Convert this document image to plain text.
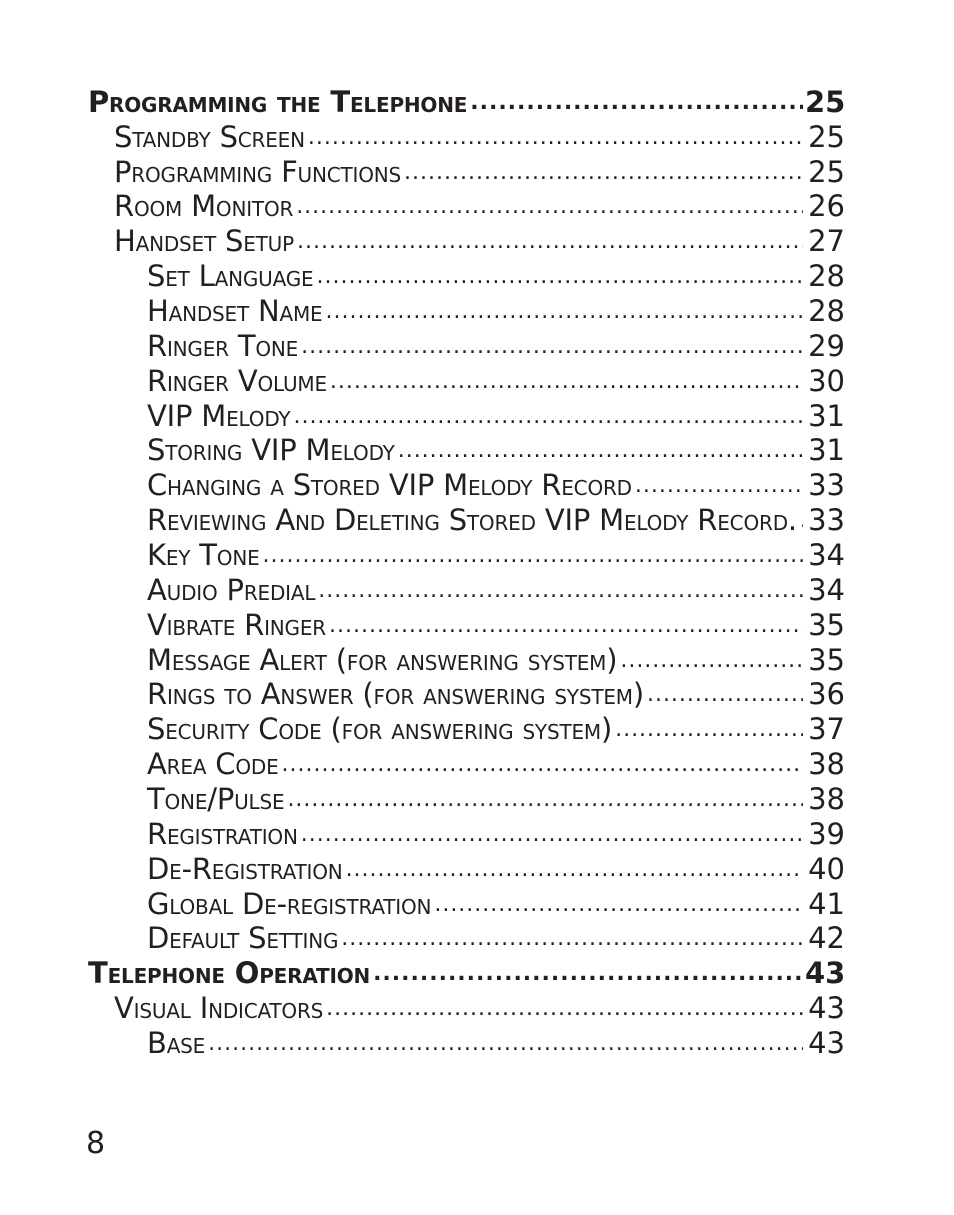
Programming the Telephone .....	25
Standby Screen .....	25
Programming Functions .....	25
Room Monitor .....	26
Handset Setup .....	27
Set Language .....	28
Handset Name .....	28
Ringer Tone .....	29
Ringer Volume .....	30
VIP Melody .....	31
Storing VIP Melody .....	31
Changing a Stored VIP Melody Record .....	33
Reviewing And Deleting Stored VIP Melody Record. ..... 33
Key Tone .....	34
Audio Predial .....	34
Vibrate Ringer .....	35
Message Alert (for answering system) .....	35
Rings to Answer (for answering system) .....	36
Security Code (for answering system) .....	37
Area Code .....	38
Tone/Pulse .....	38
Registration .....	39
De-Registration .....	40
Global De-registration .....	41
Default Setting .....	42
Telephone Operation .....	43
Visual Indicators .....	43
Base .....	43
8
